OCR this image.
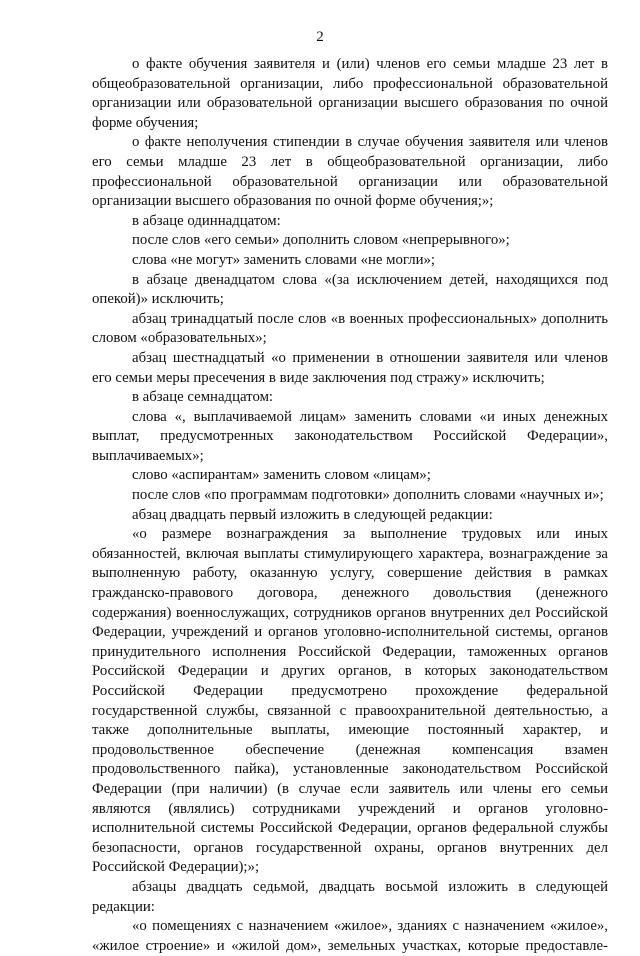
2

о факте обучения заявителя и (или) членов его семьи младше 23 лет в общеобразовательной организации, либо профессиональной образовательной организации или образовательной организации высшего образования по очной форме обучения;

о факте неполучения стипендии в случае обучения заявителя или членов его семьи младше 23 лет в общеобразовательной организации, либо профессиональной образовательной организации или образовательной организации высшего образования по очной форме обучения;»;

в абзаце одиннадцатом:

после слов «его семьи» дополнить словом «непрерывного»;

слова «не могут» заменить словами «не могли»;

в абзаце двенадцатом слова «(за исключением детей, находящихся под опекой)» исключить;

абзац тринадцатый после слов «в военных профессиональных» дополнить словом «образовательных»;

абзац шестнадцатый «о применении в отношении заявителя или членов его семьи меры пресечения в виде заключения под стражу» исключить;

в абзаце семнадцатом:

слова «, выплачиваемой лицам» заменить словами «и иных денежных выплат, предусмотренных законодательством Российской Федерации», выплачиваемых»;

слово «аспирантам» заменить словом «лицам»;

после слов «по программам подготовки» дополнить словами «научных и»;

абзац двадцать первый изложить в следующей редакции:

«о размере вознаграждения за выполнение трудовых или иных обязанностей, включая выплаты стимулирующего характера, вознаграждение за выполненную работу, оказанную услугу, совершение действия в рамках гражданско-правового договора, денежного довольствия (денежного содержания) военнослужащих, сотрудников органов внутренних дел Российской Федерации, учреждений и органов уголовно-исполнительной системы, органов принудительного исполнения Российской Федерации, таможенных органов Российской Федерации и других органов, в которых законодательством Российской Федерации предусмотрено прохождение федеральной государственной службы, связанной с правоохранительной деятельностью, а также дополнительные выплаты, имеющие постоянный характер, и продовольственное обеспечение (денежная компенсация взамен продовольственного пайка), установленные законодательством Российской Федерации (при наличии) (в случае если заявитель или члены его семьи являются (являлись) сотрудниками учреждений и органов уголовно-исполнительной системы Российской Федерации, органов федеральной службы безопасности, органов государственной охраны, органов внутренних дел Российской Федерации);»;

абзацы двадцать седьмой, двадцать восьмой изложить в следующей редакции:

«о помещениях с назначением «жилое», зданиях с назначением «жилое», «жилое строение» и «жилой дом», земельных участках, которые предоставле-
